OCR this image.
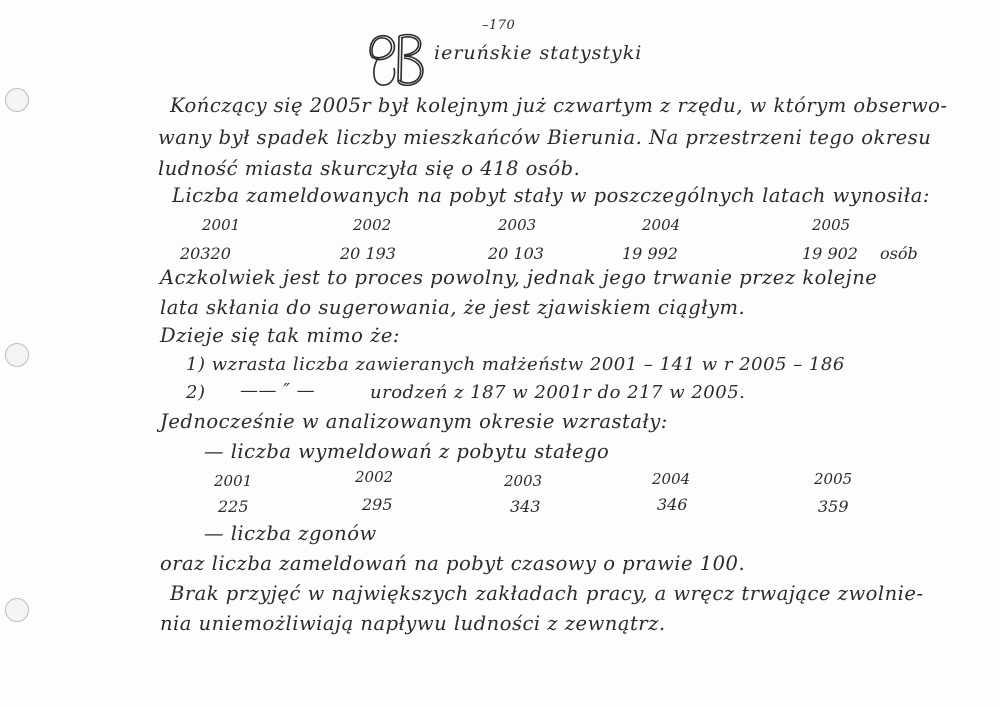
–170
ieruńskie statystyki
Kończący się 2005r był kolejnym już czwartym z rzędu, w którym obserwo-
wany był spadek liczby mieszkańców Bierunia. Na przestrzeni tego okresu
ludność miasta skurczyła się o 418 osób.
Liczba zameldowanych na pobyt stały w poszczególnych latach wynosiła:
2001	2002	2003	2004	2005
20320	20 193	20 103	19 992	19 902 osób
Aczkolwiek jest to proces powolny, jednak jego trwanie przez kolejne
lata skłania do sugerowania, że jest zjawiskiem ciągłym.
Dzieje się tak mimo że:
1) wzrasta liczba zawieranych małżeństw 2001 – 141 w r 2005 – 186
2) —— ″ —	urodzeń z 187 w 2001r do 217 w 2005.
Jednocześnie w analizowanym okresie wzrastały:
— liczba wymeldowań z pobytu stałego
2001	2002	2003	2004	2005
225	295	343	346	359
— liczba zgonów
oraz liczba zameldowań na pobyt czasowy o prawie 100.
Brak przyjęć w największych zakładach pracy, a wręcz trwające zwolnie-
nia uniemożliwiają napływu ludności z zewnątrz.
